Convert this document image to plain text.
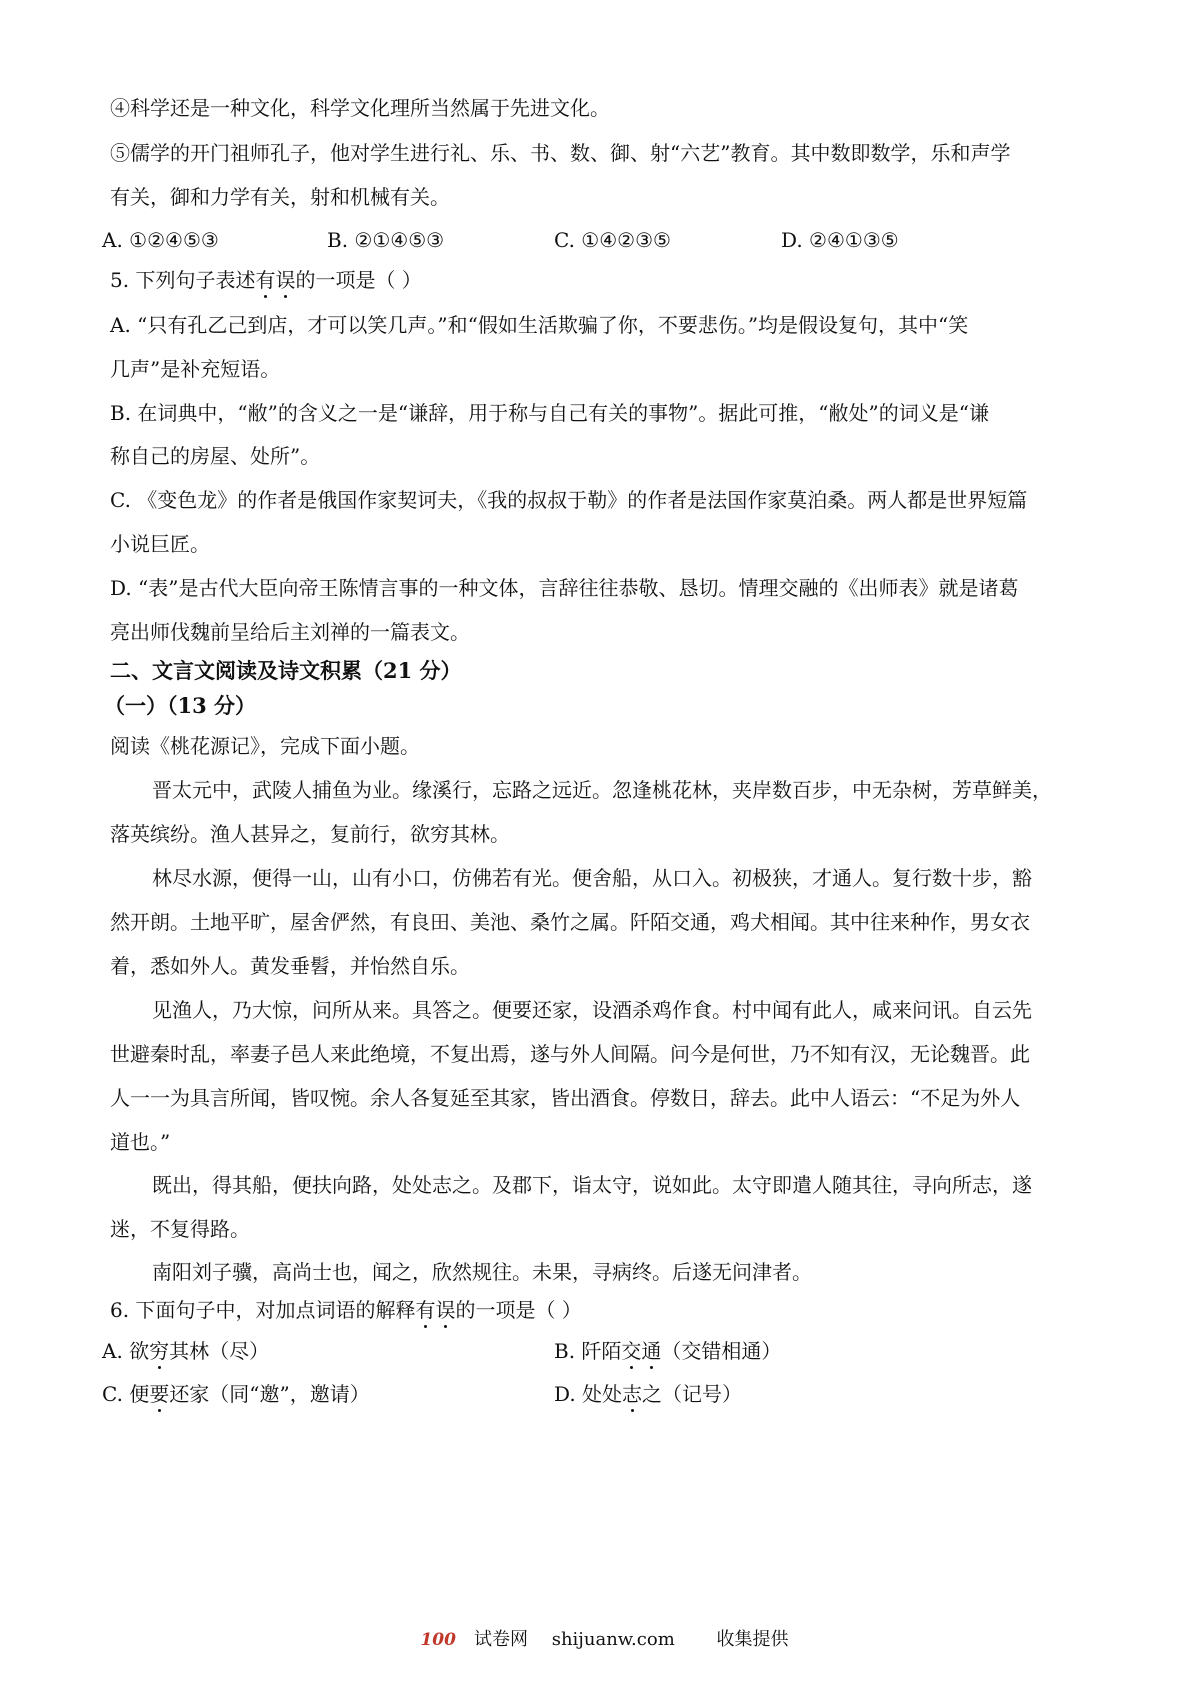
④科学还是一种文化，科学文化理所当然属于先进文化。
⑤儒学的开门祖师孔子，他对学生进行礼、乐、书、数、御、射“六艺”教育。其中数即数学，乐和声学
有关，御和力学有关，射和机械有关。
A. ①②④⑤③	B. ②①④⑤③	C. ①④②③⑤	D. ②④①③⑤
5. 下列句子表述有误的一项是（ ）
A. “只有孔乙己到店，才可以笑几声。”和“假如生活欺骗了你，不要悲伤。”均是假设复句，其中“笑
几声”是补充短语。
B. 在词典中，“敝”的含义之一是“谦辞，用于称与自己有关的事物”。据此可推，“敝处”的词义是“谦
称自己的房屋、处所”。
C. 《变色龙》的作者是俄国作家契诃夫，《我的叔叔于勒》的作者是法国作家莫泊桑。两人都是世界短篇
小说巨匠。
D. “表”是古代大臣向帝王陈情言事的一种文体，言辞往往恭敬、恳切。情理交融的《出师表》就是诸葛
亮出师伐魏前呈给后主刘禅的一篇表文。
二、文言文阅读及诗文积累（21 分）
（一）（13 分）
阅读《桃花源记》，完成下面小题。
晋太元中，武陵人捕鱼为业。缘溪行，忘路之远近。忽逢桃花林，夹岸数百步，中无杂树，芳草鲜美，
落英缤纷。渔人甚异之，复前行，欲穷其林。
林尽水源，便得一山，山有小口，仿佛若有光。便舍船，从口入。初极狭，才通人。复行数十步，豁
然开朗。土地平旷，屋舍俨然，有良田、美池、桑竹之属。阡陌交通，鸡犬相闻。其中往来种作，男女衣
着，悉如外人。黄发垂髫，并怡然自乐。
见渔人，乃大惊，问所从来。具答之。便要还家，设酒杀鸡作食。村中闻有此人，咸来问讯。自云先
世避秦时乱，率妻子邑人来此绝境，不复出焉，遂与外人间隔。问今是何世，乃不知有汉，无论魏晋。此
人一一为具言所闻，皆叹惋。余人各复延至其家，皆出酒食。停数日，辞去。此中人语云：“不足为外人
道也。”
既出，得其船，便扶向路，处处志之。及郡下，诣太守，说如此。太守即遣人随其往，寻向所志，遂
迷，不复得路。
南阳刘子骥，高尚士也，闻之，欣然规往。未果，寻病终。后遂无问津者。
6. 下面句子中，对加点词语的解释有误的一项是（ ）
A. 欲穷其林（尽）	B. 阡陌交通（交错相通）
C. 便要还家（同“邀”，邀请）	D. 处处志之（记号）
100 试卷网 shijuanw.com 收集提供
